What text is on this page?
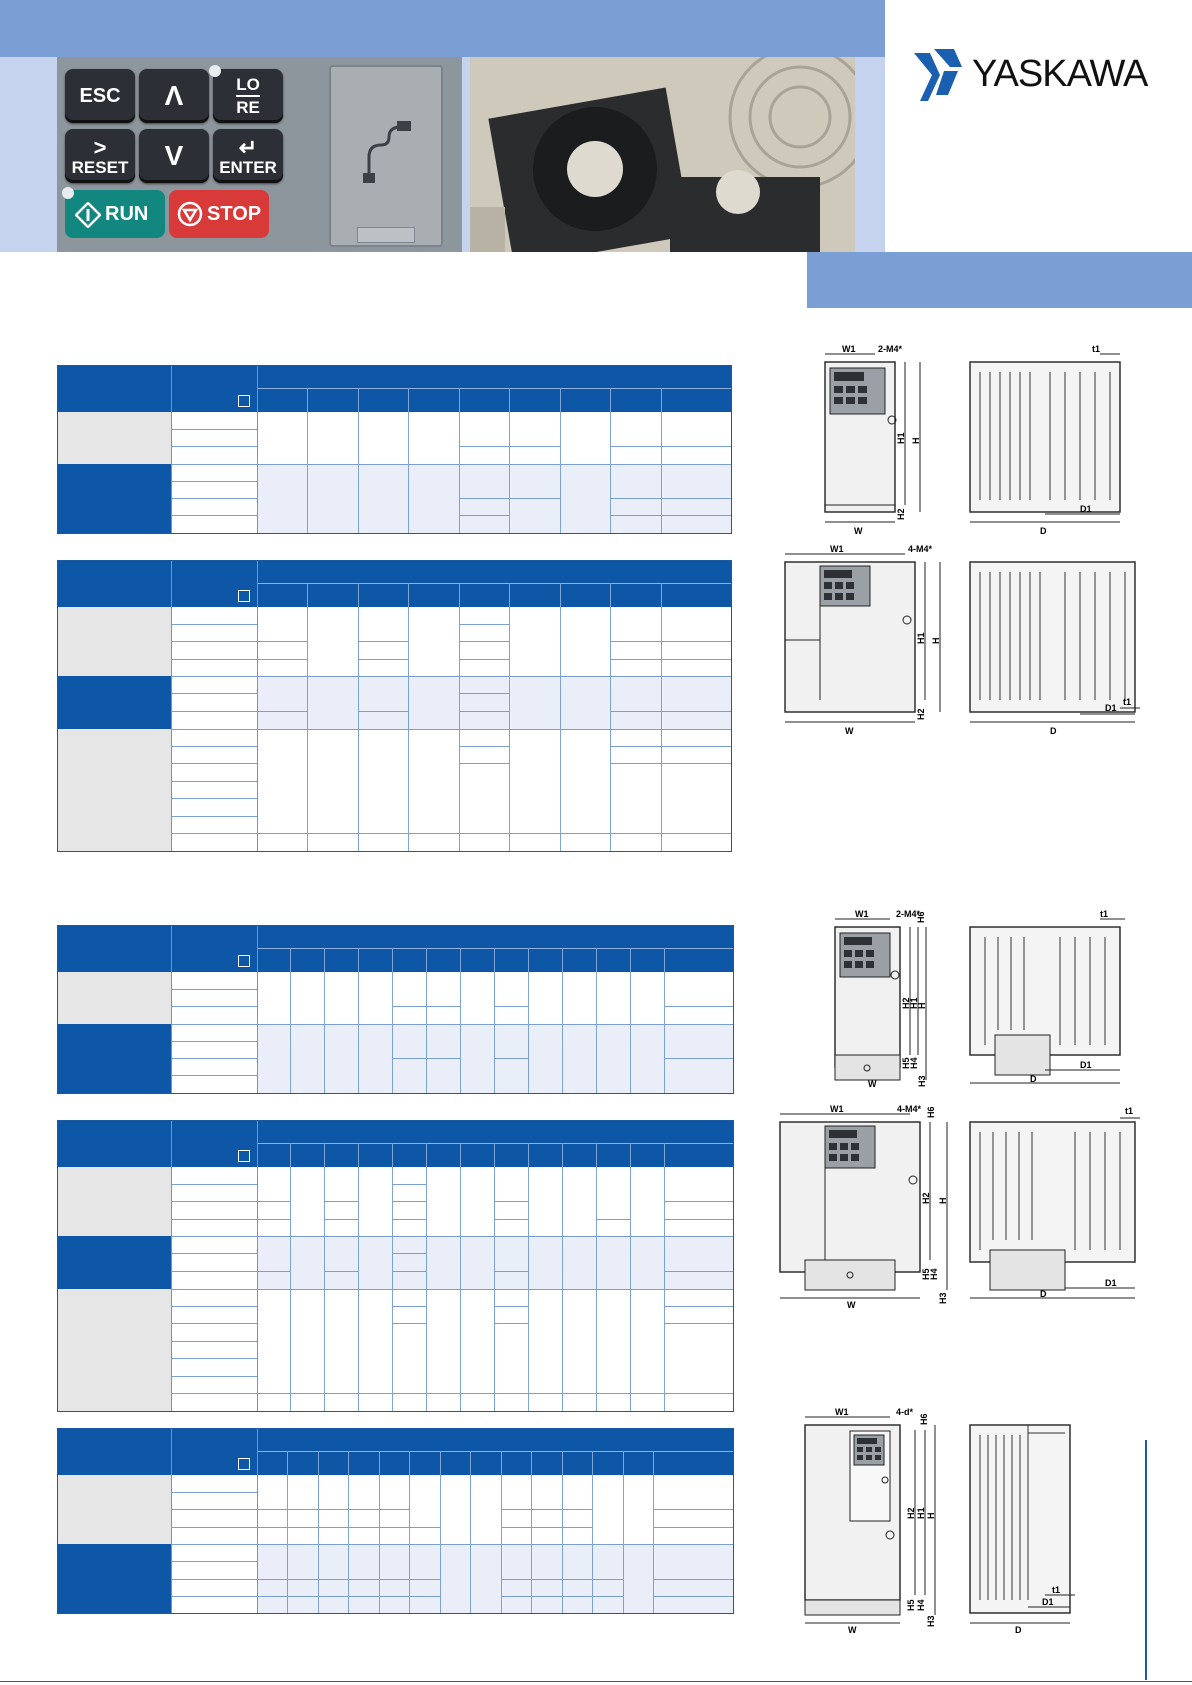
ESC Λ	LO
RE
>
RESET V	↵
ENTER
RUN	STOP
YASKAWA
W1	2-M4*
W
H1 H
H2
t1
D
D1
W1	4-M4*
W
H1 H
H2
t1
D
D1
W1	2-M4*
H6
W
H2
H1
H
H5
H4
H3
t1
D
D1
W1	4-M4* H6
W
H2 H
H5
H4
H3
t1
D
D1
W1	4-d*
H6
W
H2 H1 H
H5 H4
H3
t1
D
D1
